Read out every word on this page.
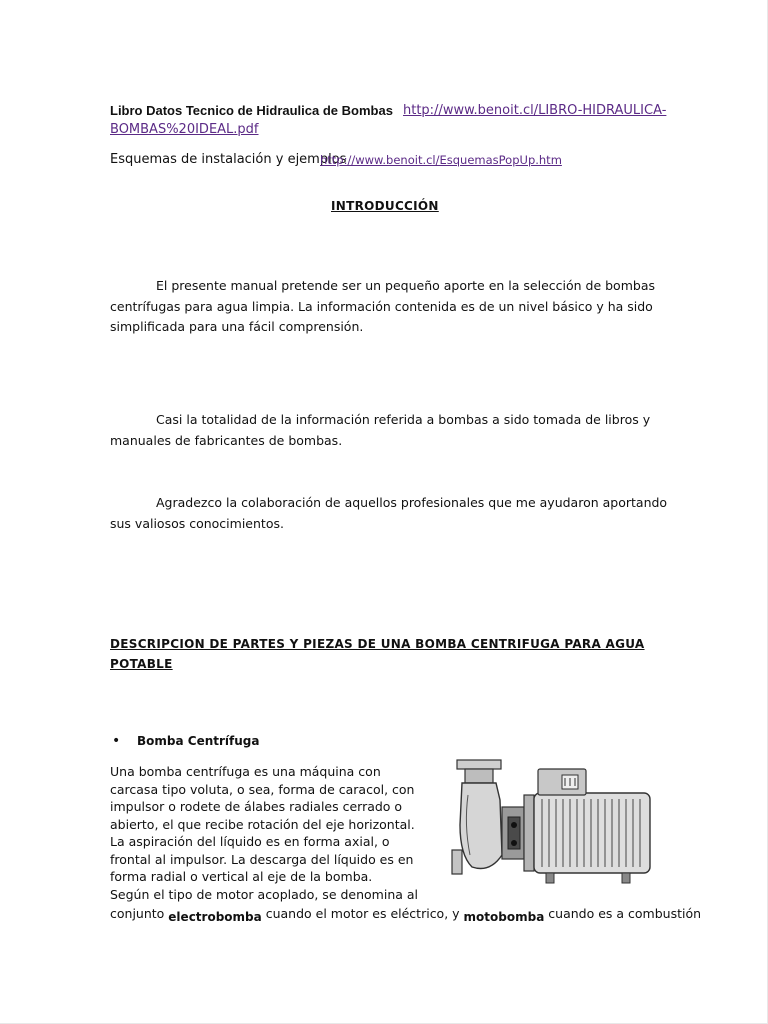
Libro Datos Tecnico de Hidraulica de Bombas http://www.benoit.cl/LIBRO-HIDRAULICA-
BOMBAS%20IDEAL.pdf
Esquemas de instalación y ejemplos
http://www.benoit.cl/EsquemasPopUp.htm
INTRODUCCIÓN
El presente manual pretende ser un pequeño aporte en la selección de bombas centrífugas para agua limpia. La información contenida es de un nivel básico y ha sido simplificada para una fácil comprensión.
Casi la totalidad de la información referida a bombas a sido tomada de libros y manuales de fabricantes de bombas.
Agradezco la colaboración de aquellos profesionales que me ayudaron aportando sus valiosos conocimientos.
DESCRIPCION DE PARTES Y PIEZAS DE UNA BOMBA CENTRIFUGA PARA AGUA POTABLE
• Bomba Centrífuga
Una bomba centrífuga es una máquina con carcasa tipo voluta, o sea, forma de caracol, con impulsor o rodete de álabes radiales cerrado o abierto, el que recibe rotación del eje horizontal. La aspiración del líquido es en forma axial, o frontal al impulsor. La descarga del líquido es en forma radial o vertical al eje de la bomba.
Según el tipo de motor acoplado, se denomina al
conjunto electrobomba cuando el motor es eléctrico, y motobomba cuando es a combustión
